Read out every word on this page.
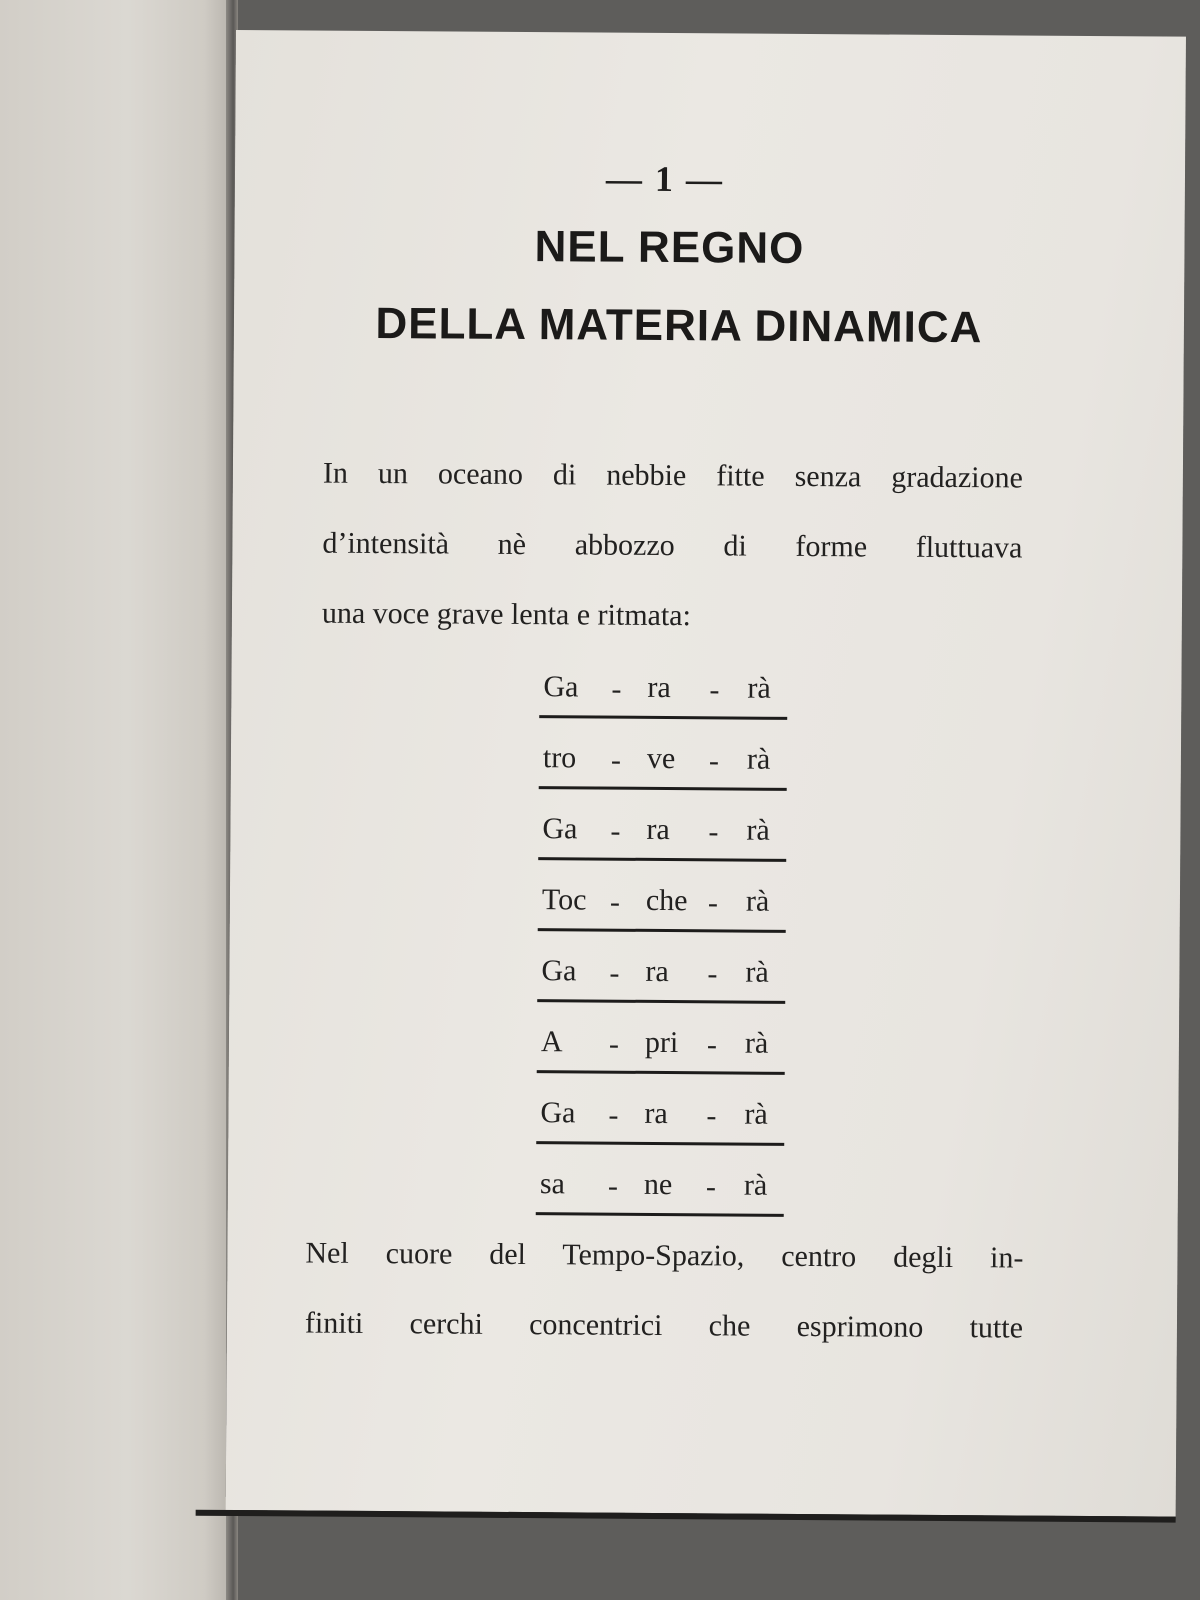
— 1 —
NEL REGNO
DELLA MATERIA DINAMICA
In un oceano di nebbie fitte senza gradazione
d’intensità nè abbozzo di forme fluttuava
una voce grave lenta e ritmata:
Ga - ra - rà
tro - ve - rà
Ga - ra - rà
Toc - che - rà
Ga - ra - rà
A - pri - rà
Ga - ra - rà
sa - ne - rà
Nel cuore del Tempo-Spazio, centro degli in-
finiti cerchi concentrici che esprimono tutte
